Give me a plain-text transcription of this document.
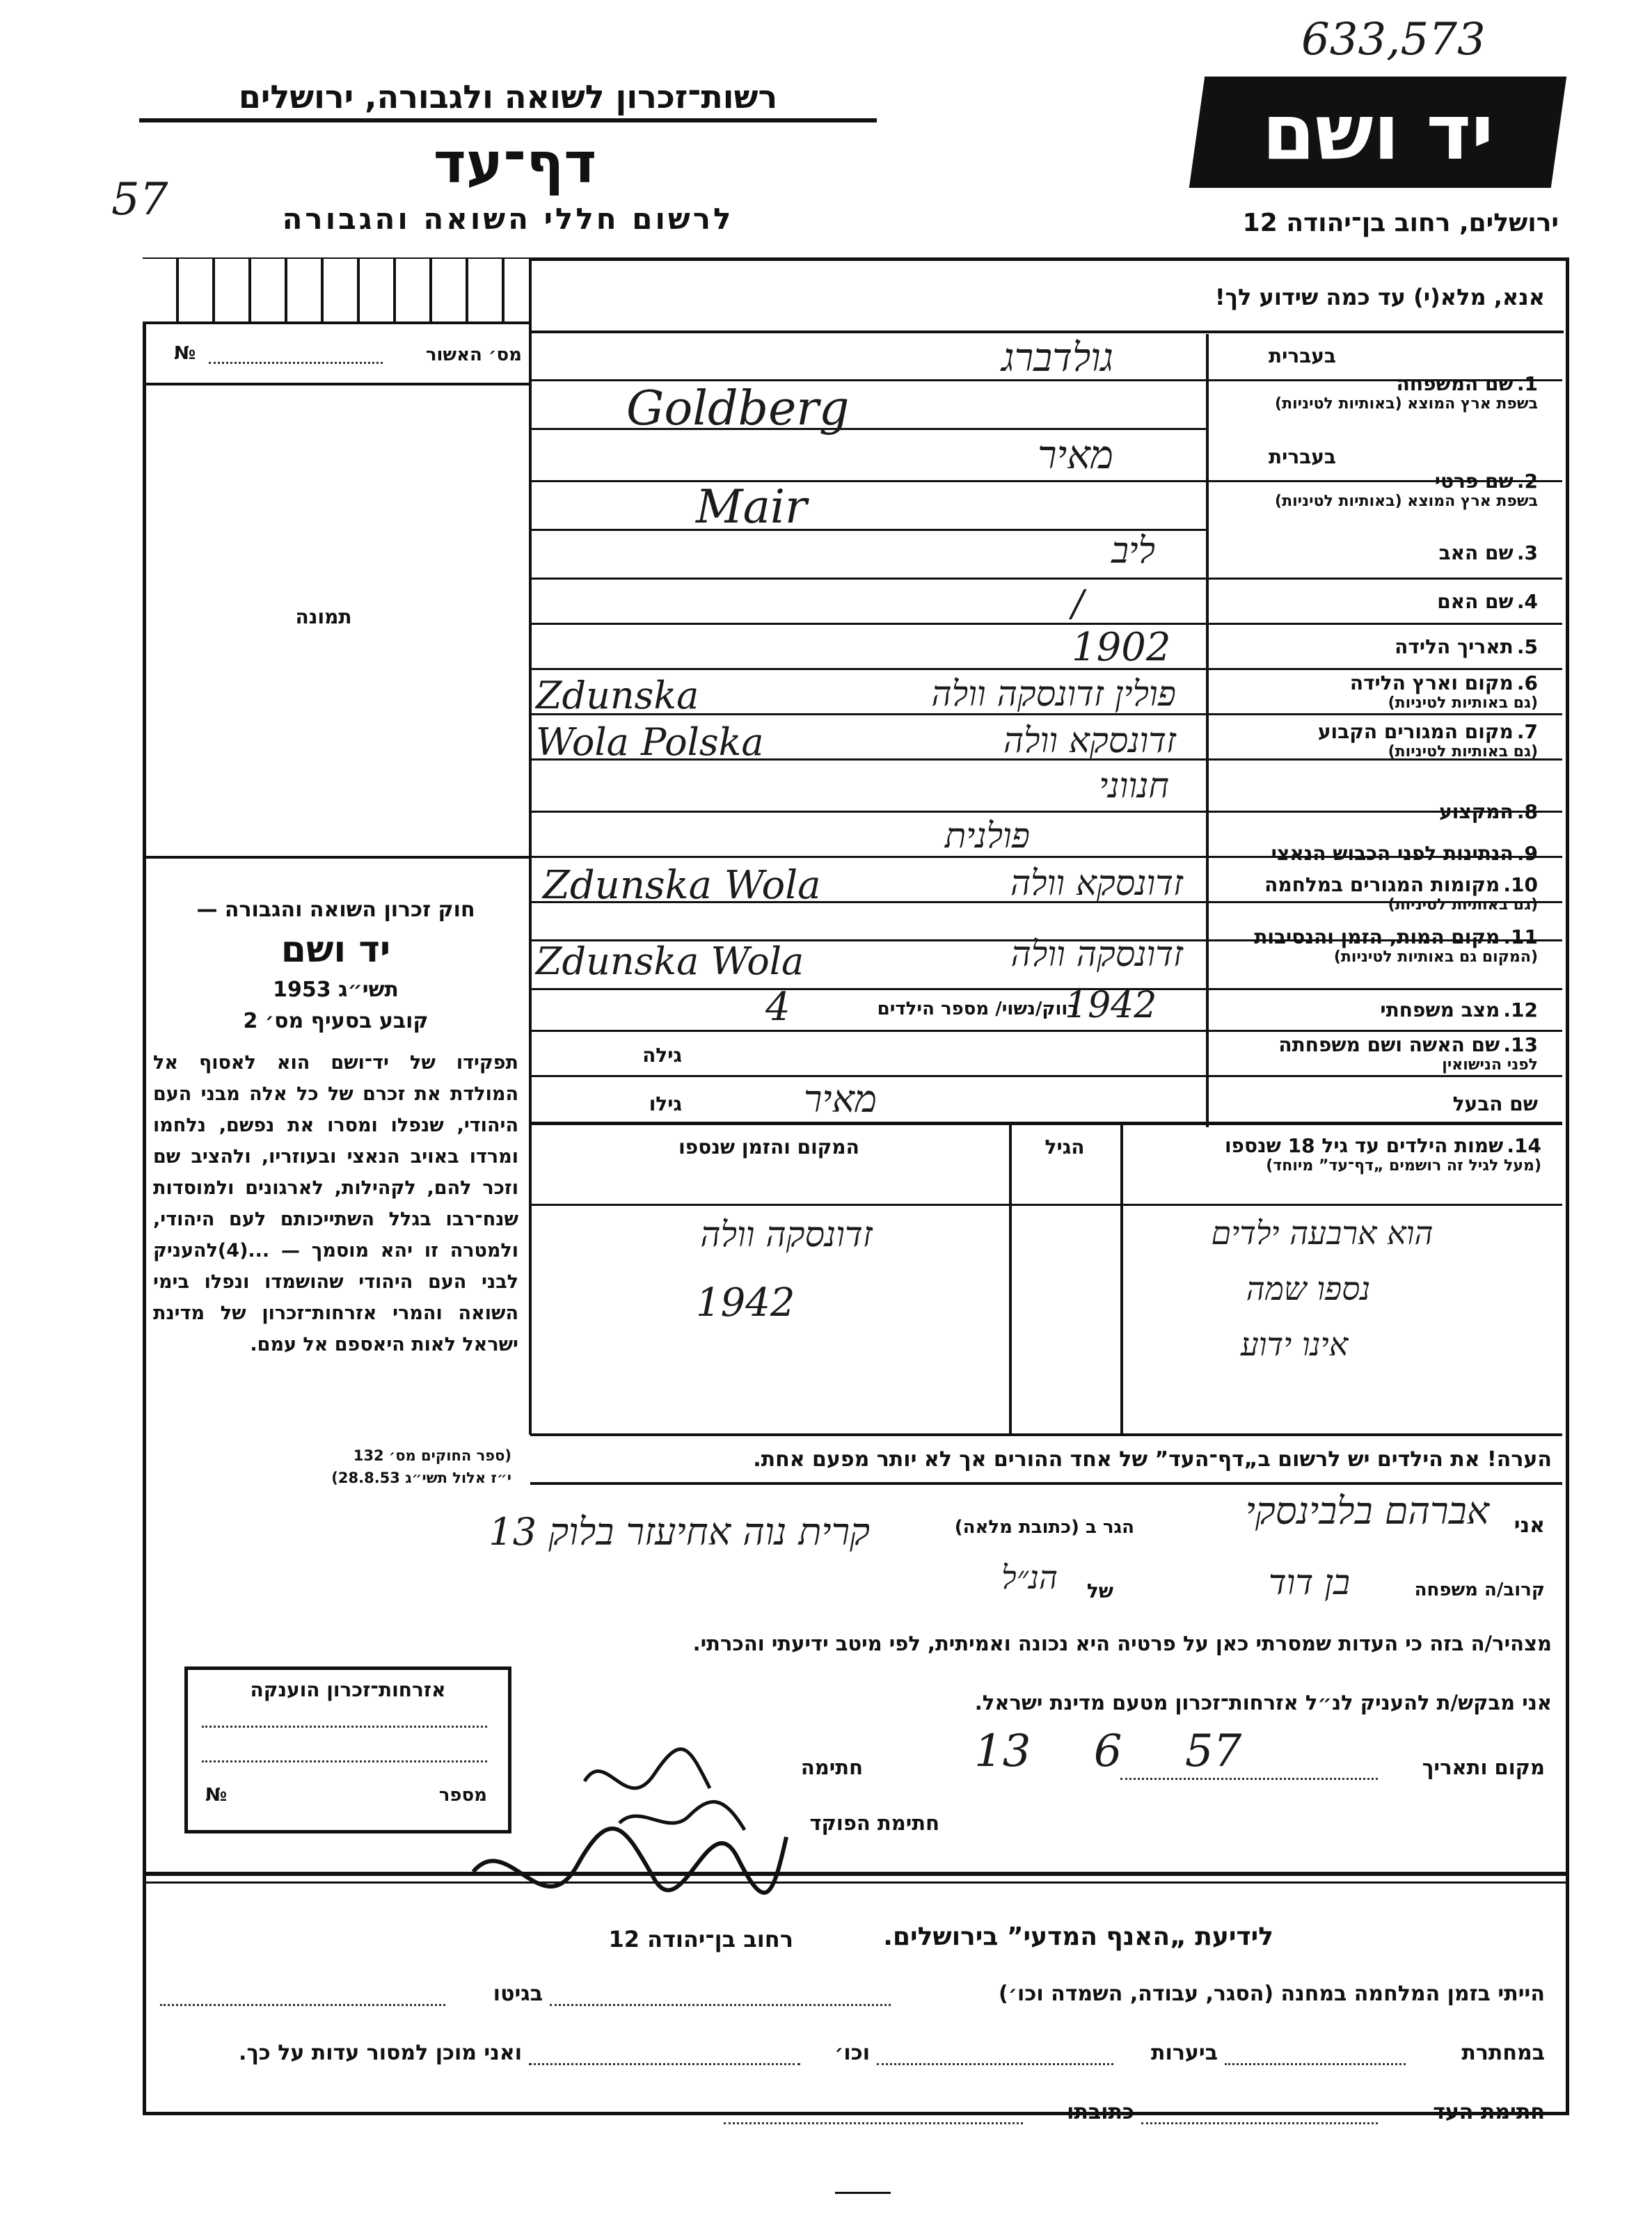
633,573
57
רשות־זכרון לשואה ולגבורה, ירושלים
דף־עד
לרשום חללי השואה והגבורה
יד ושם
ירושלים, רחוב בן־יהודה 12
אנא, מלא(י) עד כמה שידוע לך!
מס׳ האשור
№
תמונה
בעברית
בעברית
1. שם המשפחה
בשפת ארץ המוצא (באותיות לטיניות)
גולדברג
Goldberg
2. שם פרטי
בשפת ארץ המוצא (באותיות לטיניות)
מאיר
Mair
3. שם האב
ליב
4. שם האם
/
5. תאריך הלידה
1902
6. מקום וארץ הלידה
(גם באותיות לטיניות)
פולין זדונסקה וולה
Zdunska
7. מקום המגורים הקבוע
(גם באותיות לטיניות)
זדונסקא וולה
Wola Polska
8. המקצוע
חנווני
9. הנתינות לפני הכבוש הנאצי
פולנית
10. מקומות המגורים במלחמה
(גם באותיות לטיניות)
זדונסקא וולה
Zdunska Wola
11. מקום המות, הזמן והנסיבות
(המקום גם באותיות לטיניות)
זדונסקה וולה
Zdunska Wola
1942	12. מצב משפחתי
רווק/נשוי/ מספר הילדים
4
13. שם האשה ושם משפחתה
לפני הנישואין
גילה
שם הבעל
מאיר
גילו
14. שמות הילדים עד גיל 18 שנספו
(מעל לגיל זה רושמים „דף־עד” מיוחד)
הגיל
המקום והזמן שנספו
הוא ארבעה ילדים
נספו שמה
אינו ידוע
זדונסקה וולה
1942
חוק זכרון השואה והגבורה —
יד ושם
תשי״ג 1953
קובע בסעיף מס׳ 2
תפקידו של יד־ושם הוא לאסוף אל המולדת את זכרם של כל אלה מבני העם היהודי, שנפלו ומסרו את נפשם, נלחמו ומרדו באויב הנאצי ובעוזריו, ולהציב שם וזכר להם, לקהילות, לארגונים ולמוסדות שנח־רבו בגלל השתייכותם לעם היהודי, ולמטרה זו יהא מוסמך — ...(4)להעניק לבני העם היהודי שהושמדו ונפלו בימי השואה והמרי אזרחות־זכרון של מדינת ישראל לאות היאספם אל עמם.
(ספר החוקים מס׳ 132
י״ז אלול תשי״ג 28.8.53)
הערה! את הילדים יש לרשום ב„דף־העד” של אחד ההורים אך לא יותר מפעם אחת.
אני
אברהם בלבינסקי
הגר ב (כתובת מלאה)
קרית נוה אחיעזר בלוק 13
קרוב/ה משפחה
בן דוד
של
הנ״ל
מצהיר/ה בזה כי העדות שמסרתי כאן על פרטיה היא נכונה ואמיתית, לפי מיטב ידיעתי והכרתי.
אני מבקש/ת להעניק לנ״ל אזרחות־זכרון מטעם מדינת ישראל.
מקום ותאריך
13 6 57
חתימה
חתימת הפוקד
אזרחות־זכרון הוענקה
מספר
№
לידיעת „האנף המדעי” בירושלים.
רחוב בן־יהודה 12
הייתי בזמן המלחמה במחנה (הסגר, עבודה, השמדה וכו׳)
בגיטו
במחתרת
ביערות
וכו׳
ואני מוכן למסור עדות על כך.
חתימת העד
כתובתו
